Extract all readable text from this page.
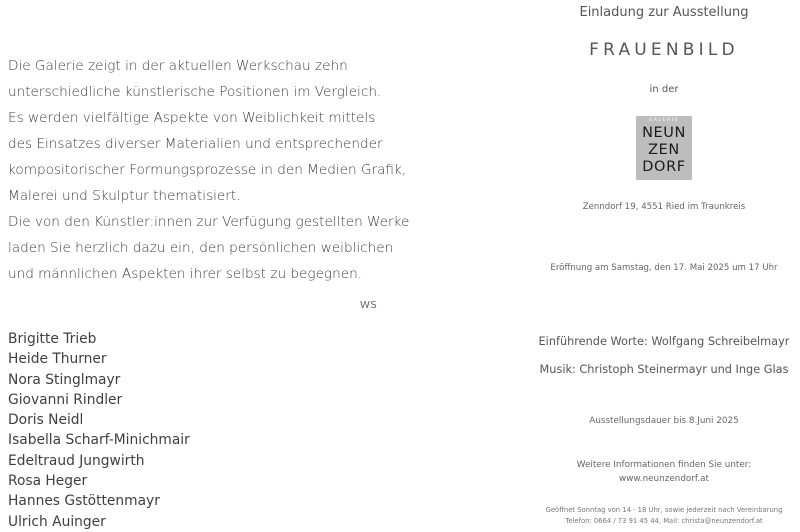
Die Galerie zeigt in der aktuellen Werkschau zehn
unterschiedliche künstlerische Positionen im Vergleich.
Es werden vielfältige Aspekte von Weiblichkeit mittels
des Einsatzes diverser Materialien und entsprechender
kompositorischer Formungsprozesse in den Medien Grafik,
Malerei und Skulptur thematisiert.
Die von den Künstler:innen zur Verfügung gestellten Werke
laden Sie herzlich dazu ein, den persönlichen weiblichen
und männlichen Aspekten ihrer selbst zu begegnen.
WS
Brigitte Trieb
Heide Thurner
Nora Stinglmayr
Giovanni Rindler
Doris Neidl
Isabella Scharf-Minichmair
Edeltraud Jungwirth
Rosa Heger
Hannes Gstöttenmayr
Ulrich Auinger
Einladung zur Ausstellung
FRAUENBILD
in der
GALERIE
NEUN
ZEN
DORF
Zenndorf 19, 4551 Ried im Traunkreis
Eröffnung am Samstag, den 17. Mai 2025 um 17 Uhr
Einführende Worte: Wolfgang Schreibelmayr
Musik: Christoph Steinermayr und Inge Glas
Ausstellungsdauer bis 8.Juni 2025
Weitere Informationen finden Sie unter:
www.neunzendorf.at
Geöffnet Sonntag von 14 - 18 Uhr, sowie jederzeit nach Vereinbarung
Telefon: 0664 / 73 91 45 44, Mail: christa@neunzendorf.at
